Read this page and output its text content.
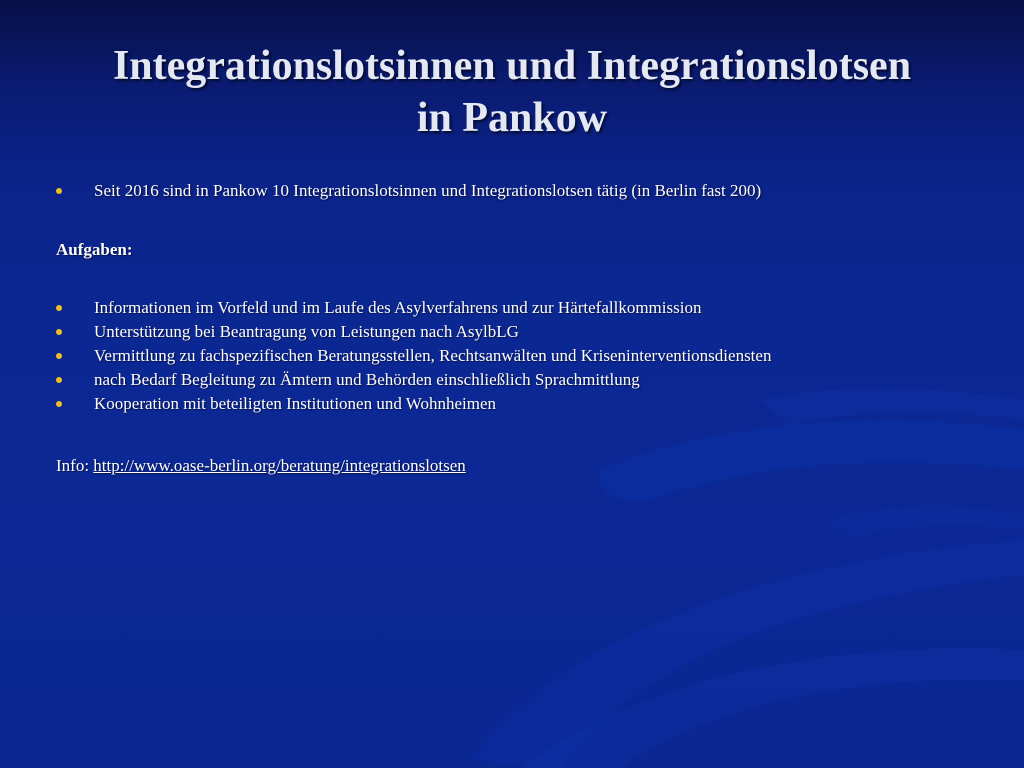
Integrationslotsinnen und Integrationslotsen
in Pankow
Seit 2016 sind in Pankow 10 Integrationslotsinnen und Integrationslotsen tätig (in Berlin fast 200)
Aufgaben:
Informationen im Vorfeld und im Laufe des Asylverfahrens und zur Härtefallkommission
Unterstützung bei Beantragung von Leistungen nach AsylbLG
Vermittlung zu fachspezifischen Beratungsstellen, Rechtsanwälten und Kriseninterventionsdiensten
nach Bedarf Begleitung zu Ämtern und Behörden einschließlich Sprachmittlung
Kooperation mit beteiligten Institutionen und Wohnheimen
Info: http://www.oase-berlin.org/beratung/integrationslotsen
